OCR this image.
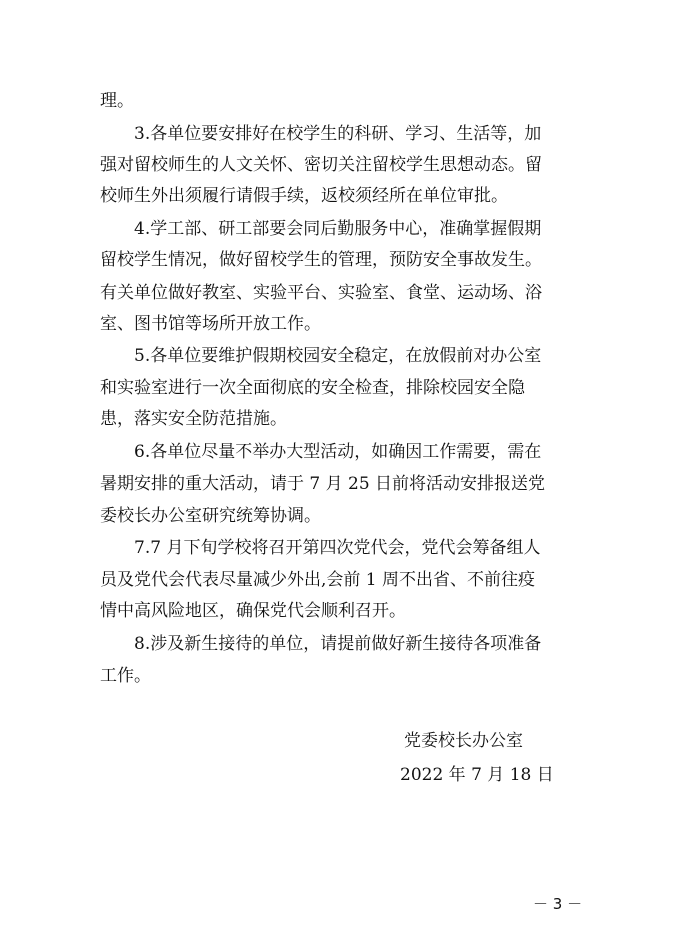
理。
3.各单位要安排好在校学生的科研、学习、生活等，加
强对留校师生的人文关怀、密切关注留校学生思想动态。留
校师生外出须履行请假手续，返校须经所在单位审批。
4.学工部、研工部要会同后勤服务中心，准确掌握假期
留校学生情况，做好留校学生的管理，预防安全事故发生。
有关单位做好教室、实验平台、实验室、食堂、运动场、浴
室、图书馆等场所开放工作。
5.各单位要维护假期校园安全稳定，在放假前对办公室
和实验室进行一次全面彻底的安全检查，排除校园安全隐
患，落实安全防范措施。
6.各单位尽量不举办大型活动，如确因工作需要，需在
暑期安排的重大活动，请于 7 月 25 日前将活动安排报送党
委校长办公室研究统筹协调。
7.7 月下旬学校将召开第四次党代会，党代会筹备组人
员及党代会代表尽量减少外出,会前 1 周不出省、不前往疫
情中高风险地区，确保党代会顺利召开。
8.涉及新生接待的单位，请提前做好新生接待各项准备
工作。
党委校长办公室
2022 年 7 月 18 日
－ 3 －
